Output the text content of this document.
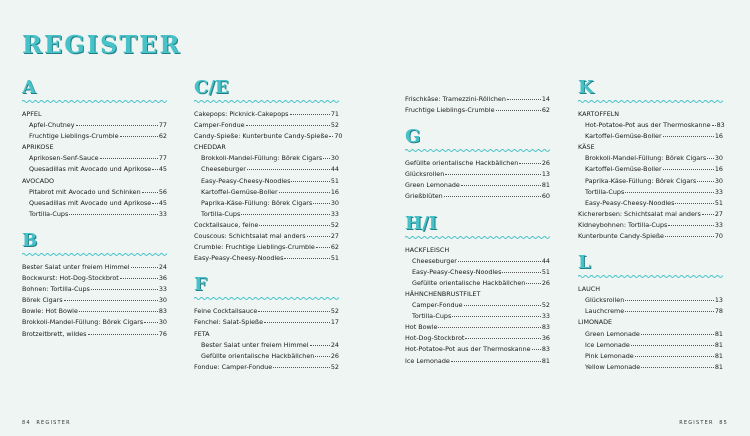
REGISTER
A
APFEL
Apfel-Chutney	77
Fruchtige Lieblings-Crumble	62
APRIKOSE
Aprikosen-Senf-Sauce	77
Quesadillas mit Avocado und Aprikose 45
AVOCADO
Pitabrot mit Avocado und Schinken	56
Quesadillas mit Avocado und Aprikose 45
Tortilla-Cups	33
B
Bester Salat unter freiem Himmel	24
Bockwurst: Hot-Dog-Stockbrot	36
Bohnen: Tortilla-Cups	33
Börek Cigars	30
Bowle: Hot Bowle	83
Brokkoli-Mandel-Füllung: Börek Cigars 30
Brotzeitbrett, wildes	76
C/E
Cakepops: Picknick-Cakepops	71
Camper-Fondue	52
Candy-Spieße: Kunterbunte Candy-Spieße 70
CHEDDAR
Brokkoli-Mandel-Füllung: Börek Cigars 30
Cheeseburger	44
Easy-Peasy-Cheesy-Noodles	51
Kartoffel-Gemüse-Boller	16
Paprika-Käse-Füllung: Börek Cigars	30
Tortilla-Cups	33
Cocktailsauce, feine	52
Couscous: Schichtsalat mal anders	27
Crumble: Fruchtige Lieblings-Crumble	62
Easy-Peasy-Cheesy-Noodles	51
F
Feine Cocktailsauce	52
Fenchel: Salat-Spieße	17
FETA
Bester Salat unter freiem Himmel	24
Gefüllte orientalische Hackbällchen	26
Fondue: Camper-Fondue	52
Frischkäse: Tramezzini-Röllchen	14
Fruchtige Lieblings-Crumble	62
G
Gefüllte orientalische Hackbällchen	26
Glücksrollen	13
Green Lemonade	81
Grießblüten	60
H/I
HACKFLEISCH
Cheeseburger	44
Easy-Peasy-Cheesy-Noodles	51
Gefüllte orientalische Hackbällchen	26
HÄHNCHENBRUSTFILET
Camper-Fondue	52
Tortilla-Cups	33
Hot Bowle	83
Hot-Dog-Stockbrot	36
Hot-Potatoe-Pot aus der Thermoskanne 83
Ice Lemonade	81
K
KARTOFFELN
Hot-Potatoe-Pot aus der Thermoskanne 83
Kartoffel-Gemüse-Boller	16
KÄSE
Brokkoli-Mandel-Füllung: Börek Cigars 30
Kartoffel-Gemüse-Boller	16
Paprika-Käse-Füllung: Börek Cigars	30
Tortilla-Cups	33
Easy-Peasy-Cheesy-Noodles	51
Kichererbsen: Schichtsalat mal anders 27
Kidneybohnen: Tortilla-Cups	33
Kunterbunte Candy-Spieße	70
L
LAUCH
Glücksrollen	13
Lauchcreme	78
LIMONADE
Green Lemonade	81
Ice Lemonade	81
Pink Lemonade	81
Yellow Lemonade	81
84 REGISTER	REGISTER 85
